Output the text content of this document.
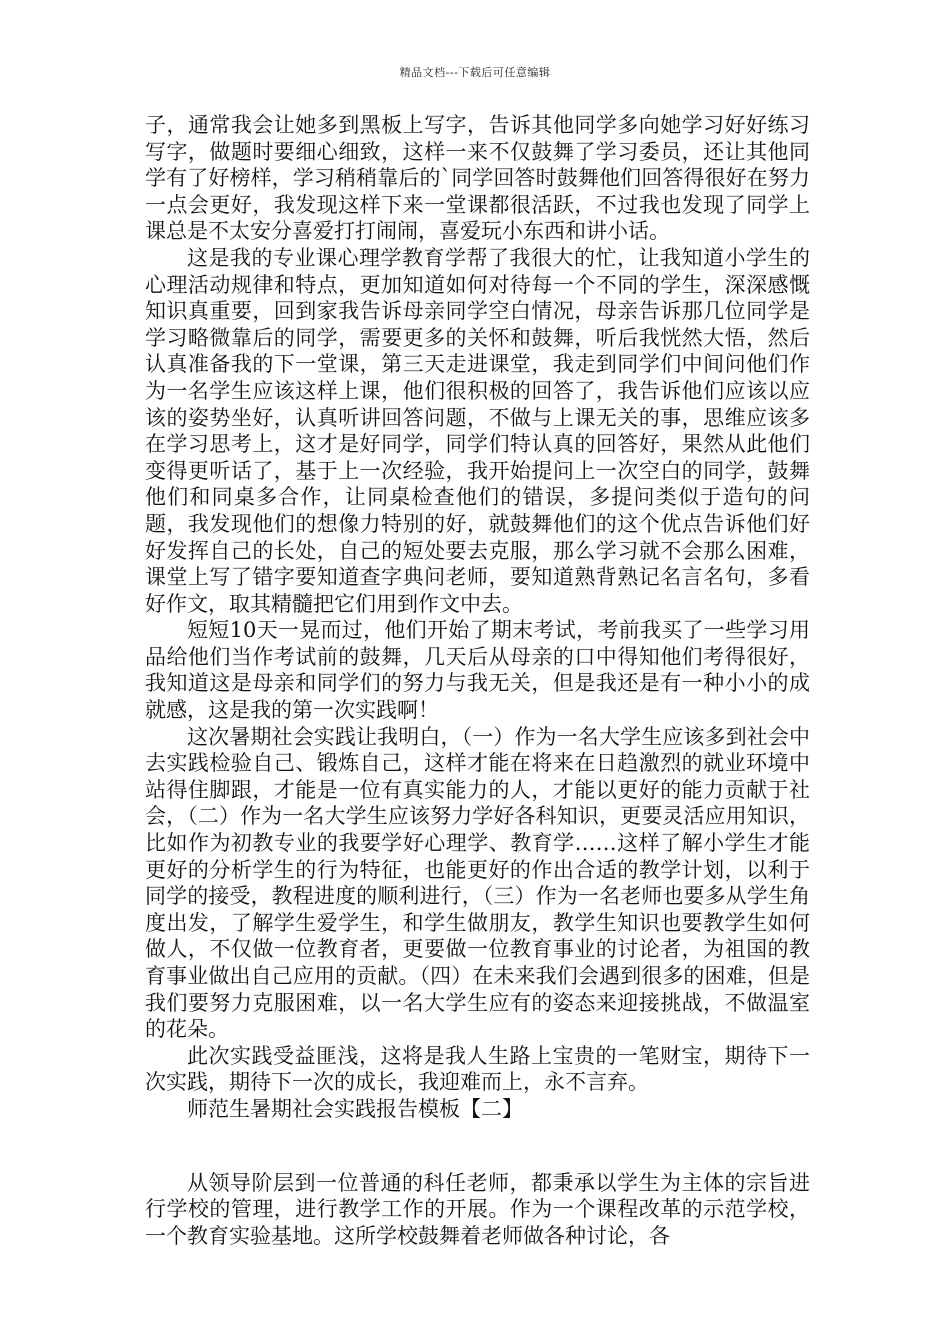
精品文档---下载后可任意编辑

子，通常我会让她多到黑板上写字，告诉其他同学多向她学习好好练习写字，做题时要细心细致，这样一来不仅鼓舞了学习委员，还让其他同学有了好榜样，学习稍稍靠后的`同学回答时鼓舞他们回答得很好在努力一点会更好，我发现这样下来一堂课都很活跃，不过我也发现了同学上课总是不太安分喜爱打打闹闹，喜爱玩小东西和讲小话。

这是我的专业课心理学教育学帮了我很大的忙，让我知道小学生的心理活动规律和特点，更加知道如何对待每一个不同的学生，深深感慨知识真重要，回到家我告诉母亲同学空白情况，母亲告诉那几位同学是学习略微靠后的同学，需要更多的关怀和鼓舞，听后我恍然大悟，然后认真准备我的下一堂课，第三天走进课堂，我走到同学们中间问他们作为一名学生应该这样上课，他们很积极的回答了，我告诉他们应该以应该的姿势坐好，认真听讲回答问题，不做与上课无关的事，思维应该多在学习思考上，这才是好同学，同学们特认真的回答好，果然从此他们变得更听话了，基于上一次经验，我开始提问上一次空白的同学，鼓舞他们和同桌多合作，让同桌检查他们的错误，多提问类似于造句的问题，我发现他们的想像力特别的好，就鼓舞他们的这个优点告诉他们好好发挥自己的长处，自己的短处要去克服，那么学习就不会那么困难，课堂上写了错字要知道查字典问老师，要知道熟背熟记名言名句，多看好作文，取其精髓把它们用到作文中去。

短短10天一晃而过，他们开始了期末考试，考前我买了一些学习用品给他们当作考试前的鼓舞，几天后从母亲的口中得知他们考得很好，我知道这是母亲和同学们的努力与我无关，但是我还是有一种小小的成就感，这是我的第一次实践啊！

这次暑期社会实践让我明白，（一）作为一名大学生应该多到社会中去实践检验自己、锻炼自己，这样才能在将来在日趋激烈的就业环境中站得住脚跟，才能是一位有真实能力的人，才能以更好的能力贡献于社会，（二）作为一名大学生应该努力学好各科知识，更要灵活应用知识，比如作为初教专业的我要学好心理学、教育学……这样了解小学生才能更好的分析学生的行为特征，也能更好的作出合适的教学计划，以利于同学的接受，教程进度的顺利进行，（三）作为一名老师也要多从学生角度出发，了解学生爱学生，和学生做朋友，教学生知识也要教学生如何做人，不仅做一位教育者，更要做一位教育事业的讨论者，为祖国的教育事业做出自己应用的贡献。（四）在未来我们会遇到很多的困难，但是我们要努力克服困难，以一名大学生应有的姿态来迎接挑战，不做温室的花朵。

此次实践受益匪浅，这将是我人生路上宝贵的一笔财宝，期待下一次实践，期待下一次的成长，我迎难而上，永不言弃。

师范生暑期社会实践报告模板【二】

从领导阶层到一位普通的科任老师，都秉承以学生为主体的宗旨进行学校的管理，进行教学工作的开展。作为一个课程改革的示范学校，一个教育实验基地。这所学校鼓舞着老师做各种讨论，各
